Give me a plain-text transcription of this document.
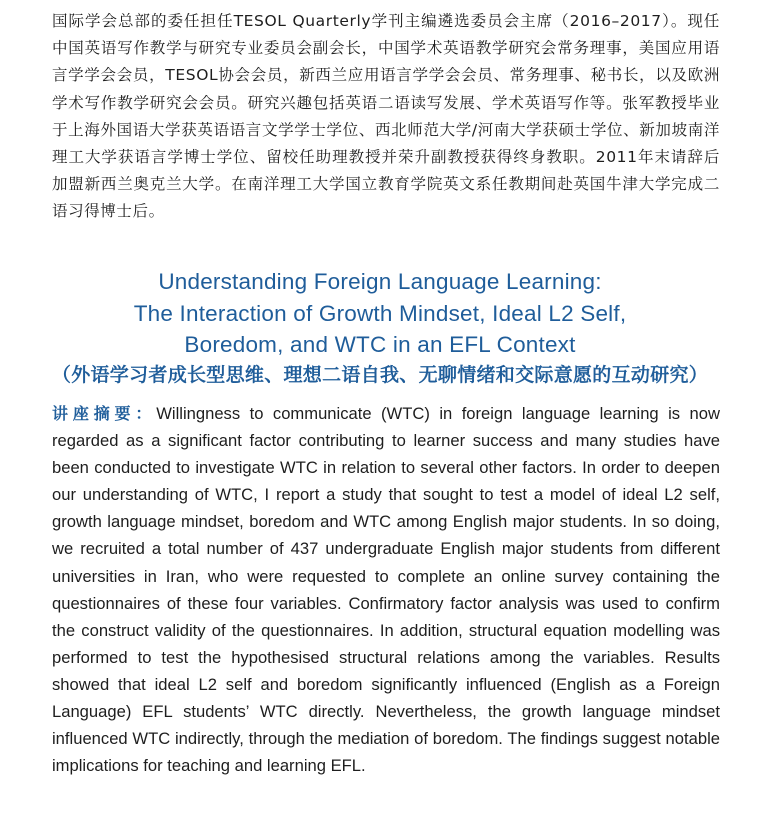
国际学会总部的委任担任TESOL Quarterly学刊主编遴选委员会主席（2016–2017）。现任中国英语写作教学与研究专业委员会副会长，中国学术英语教学研究会常务理事，美国应用语言学学会会员，TESOL协会会员，新西兰应用语言学学会会员、常务理事、秘书长，以及欧洲学术写作教学研究会会员。研究兴趣包括英语二语读写发展、学术英语写作等。张军教授毕业于上海外国语大学获英语语言文学学士学位、西北师范大学/河南大学获硕士学位、新加坡南洋理工大学获语言学博士学位、留校任助理教授并荣升副教授获得终身教职。2011年末请辞后加盟新西兰奥克兰大学。在南洋理工大学国立教育学院英文系任教期间赴英国牛津大学完成二语习得博士后。
Understanding Foreign Language Learning:
The Interaction of Growth Mindset, Ideal L2 Self,
Boredom, and WTC in an EFL Context
（外语学习者成长型思维、理想二语自我、无聊情绪和交际意愿的互动研究）
讲座摘要：Willingness to communicate (WTC) in foreign language learning is now regarded as a significant factor contributing to learner success and many studies have been conducted to investigate WTC in relation to several other factors. In order to deepen our understanding of WTC, I report a study that sought to test a model of ideal L2 self, growth language mindset, boredom and WTC among English major students. In so doing, we recruited a total number of 437 undergraduate English major students from different universities in Iran, who were requested to complete an online survey containing the questionnaires of these four variables. Confirmatory factor analysis was used to confirm the construct validity of the questionnaires. In addition, structural equation modelling was performed to test the hypothesised structural relations among the variables. Results showed that ideal L2 self and boredom significantly influenced (English as a Foreign Language) EFL students’ WTC directly. Nevertheless, the growth language mindset influenced WTC indirectly, through the mediation of boredom. The findings suggest notable implications for teaching and learning EFL.
